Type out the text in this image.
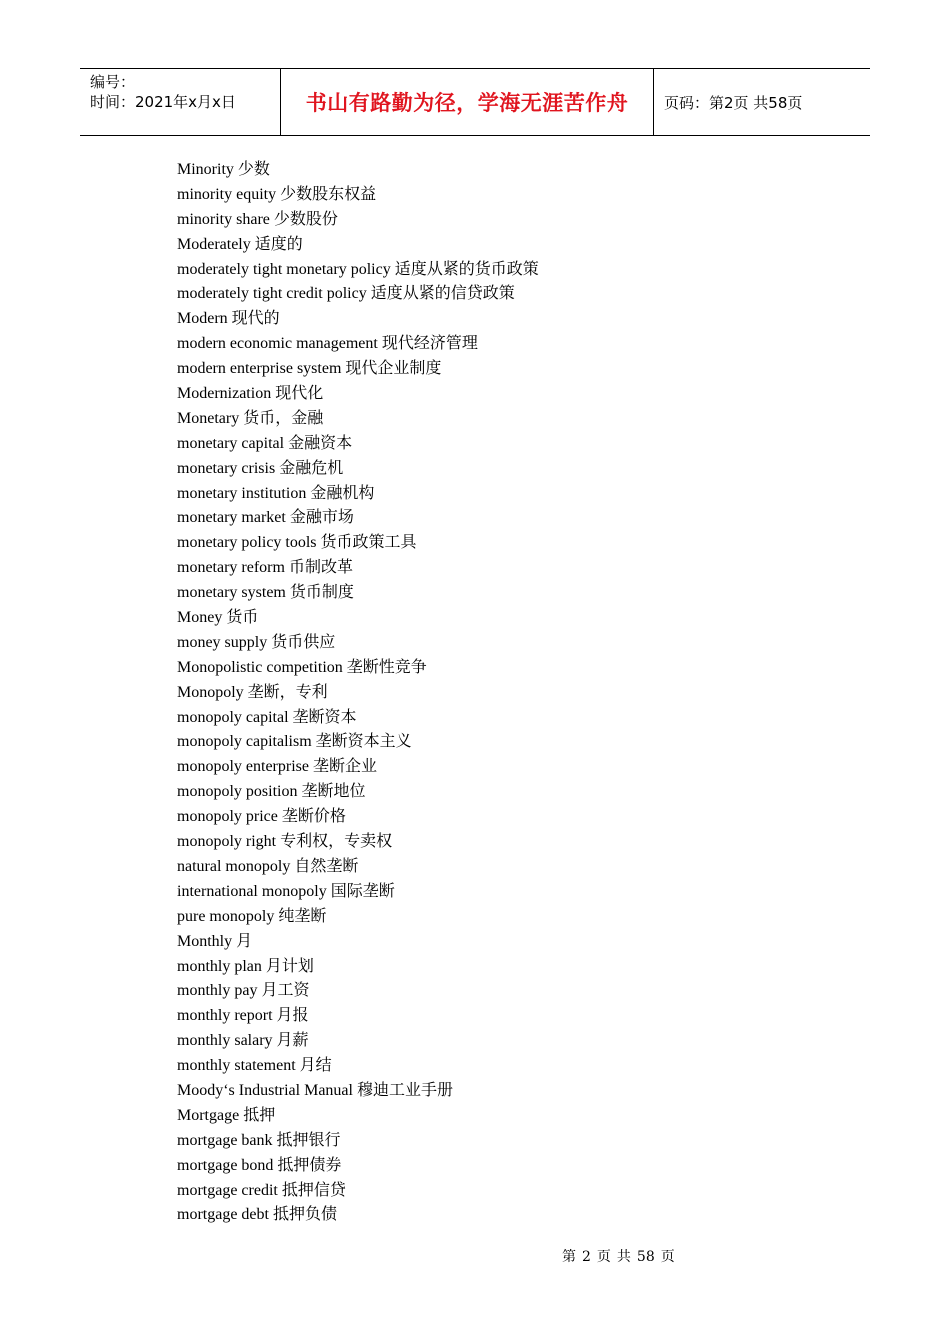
编号：
时间：2021年x月x日	书山有路勤为径，学海无涯苦作舟 页码：第2页 共58页
Minority 少数
minority equity 少数股东权益
minority share 少数股份
Moderately 适度的
moderately tight monetary policy 适度从紧的货币政策
moderately tight credit policy 适度从紧的信贷政策
Modern 现代的
modern economic management 现代经济管理
modern enterprise system 现代企业制度
Modernization 现代化
Monetary 货币，金融
monetary capital 金融资本
monetary crisis 金融危机
monetary institution 金融机构
monetary market 金融市场
monetary policy tools 货币政策工具
monetary reform 币制改革
monetary system 货币制度
Money 货币
money supply 货币供应
Monopolistic competition 垄断性竞争
Monopoly 垄断，专利
monopoly capital 垄断资本
monopoly capitalism 垄断资本主义
monopoly enterprise 垄断企业
monopoly position 垄断地位
monopoly price 垄断价格
monopoly right 专利权，专卖权
natural monopoly 自然垄断
international monopoly 国际垄断
pure monopoly 纯垄断
Monthly 月
monthly plan 月计划
monthly pay 月工资
monthly report 月报
monthly salary 月薪
monthly statement 月结
Moody‘s Industrial Manual 穆迪工业手册
Mortgage 抵押
mortgage bank 抵押银行
mortgage bond 抵押债券
mortgage credit 抵押信贷
mortgage debt 抵押负债
第 2 页 共 58 页
